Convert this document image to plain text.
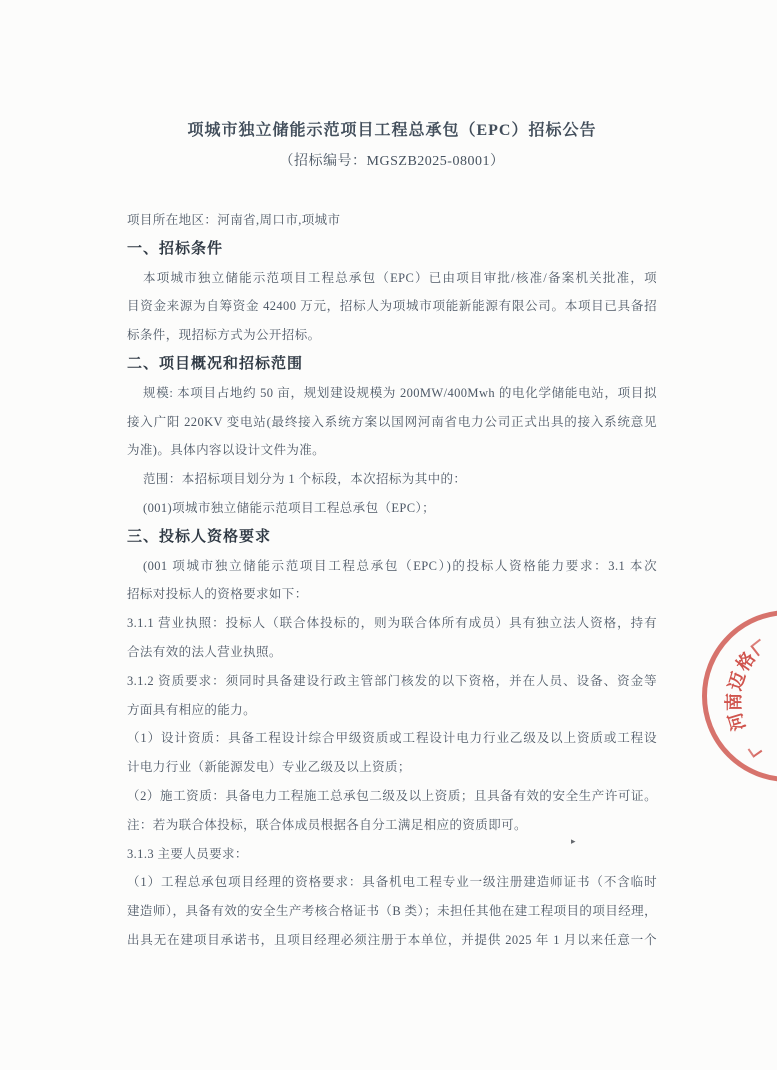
项城市独立储能示范项目工程总承包（EPC）招标公告
（招标编号：MGSZB2025-08001）
项目所在地区：河南省,周口市,项城市
一、招标条件
本项城市独立储能示范项目工程总承包（EPC）已由项目审批/核准/备案机关批准，项
目资金来源为自筹资金 42400 万元，招标人为项城市项能新能源有限公司。本项目已具备招
标条件，现招标方式为公开招标。
二、项目概况和招标范围
规模: 本项目占地约 50 亩，规划建设规模为 200MW/400Mwh 的电化学储能电站，项目拟
接入广阳 220KV 变电站(最终接入系统方案以国网河南省电力公司正式出具的接入系统意见
为准)。具体内容以设计文件为准。
范围：本招标项目划分为 1 个标段，本次招标为其中的：
(001)项城市独立储能示范项目工程总承包（EPC）；
三、投标人资格要求
(001 项城市独立储能示范项目工程总承包（EPC）)的投标人资格能力要求：3.1 本次
招标对投标人的资格要求如下：
3.1.1 营业执照：投标人（联合体投标的，则为联合体所有成员）具有独立法人资格，持有
合法有效的法人营业执照。
3.1.2 资质要求：须同时具备建设行政主管部门核发的以下资格，并在人员、设备、资金等
方面具有相应的能力。
（1）设计资质：具备工程设计综合甲级资质或工程设计电力行业乙级及以上资质或工程设
计电力行业（新能源发电）专业乙级及以上资质；
（2）施工资质：具备电力工程施工总承包二级及以上资质；且具备有效的安全生产许可证。
注：若为联合体投标，联合体成员根据各自分工满足相应的资质即可。
3.1.3 主要人员要求：
（1）工程总承包项目经理的资格要求：具备机电工程专业一级注册建造师证书（不含临时
建造师），具备有效的安全生产考核合格证书（B 类）；未担任其他在建工程项目的项目经理，
出具无在建项目承诺书，且项目经理必须注册于本单位，并提供 2025 年 1 月以来任意一个
河
南
迈
格
▸
